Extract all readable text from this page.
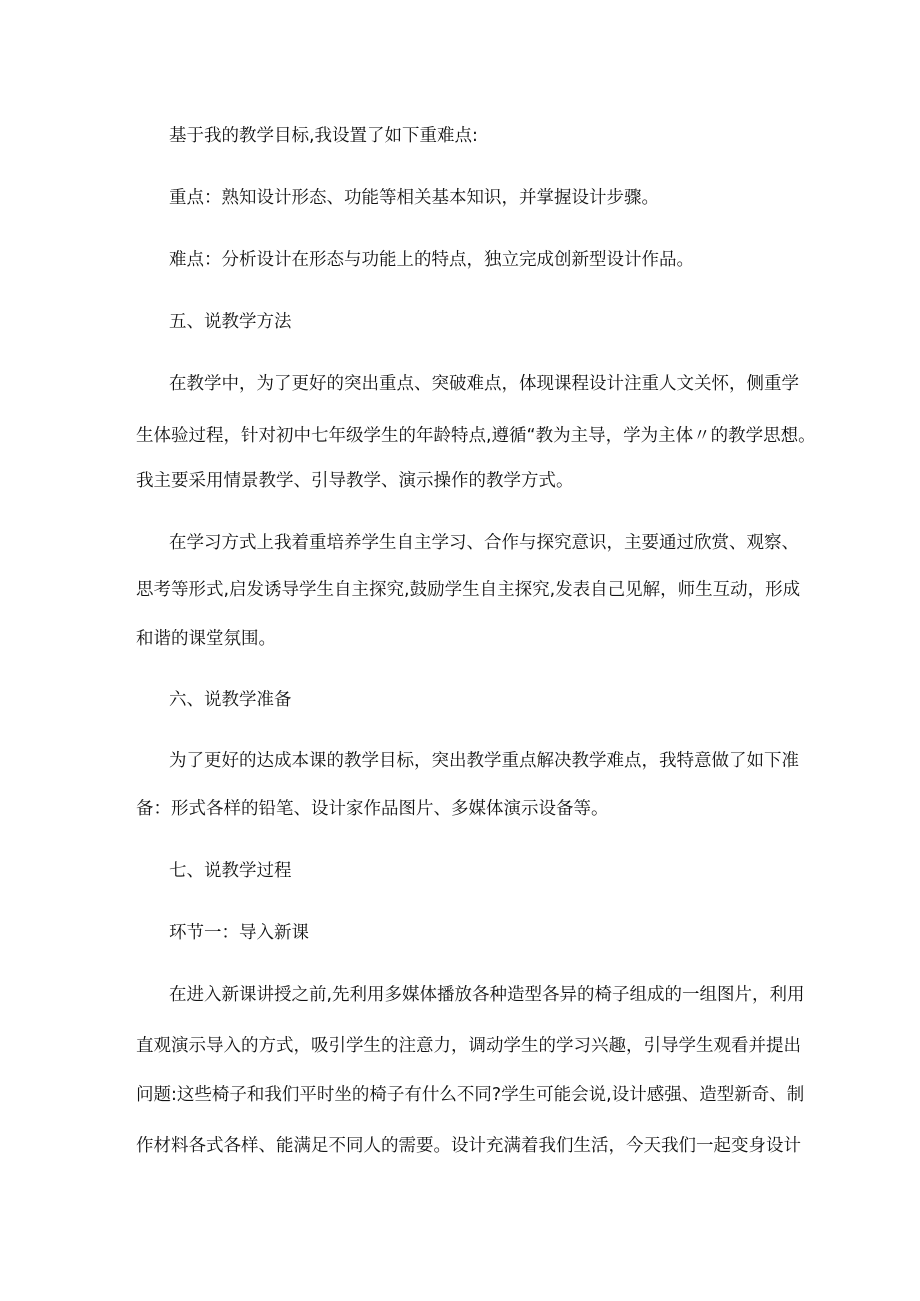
基于我的教学目标,我设置了如下重难点:
重点：熟知设计形态、功能等相关基本知识，并掌握设计步骤。
难点：分析设计在形态与功能上的特点，独立完成创新型设计作品。
五、说教学方法
在教学中，为了更好的突出重点、突破难点，体现课程设计注重人文关怀，侧重学
生体验过程，针对初中七年级学生的年龄特点,遵循“教为主导，学为主体〃的教学思想。
我主要采用情景教学、引导教学、演示操作的教学方式。
在学习方式上我着重培养学生自主学习、合作与探究意识，主要通过欣赏、观察、
思考等形式,启发诱导学生自主探究,鼓励学生自主探究,发表自己见解，师生互动，形成
和谐的课堂氛围。
六、说教学准备
为了更好的达成本课的教学目标，突出教学重点解决教学难点，我特意做了如下准
备：形式各样的铅笔、设计家作品图片、多媒体演示设备等。
七、说教学过程
环节一：导入新课
在进入新课讲授之前,先利用多媒体播放各种造型各异的椅子组成的一组图片，利用
直观演示导入的方式，吸引学生的注意力，调动学生的学习兴趣，引导学生观看并提出
问题:这些椅子和我们平时坐的椅子有什么不同?学生可能会说,设计感强、造型新奇、制
作材料各式各样、能满足不同人的需要。设计充满着我们生活，今天我们一起变身设计
